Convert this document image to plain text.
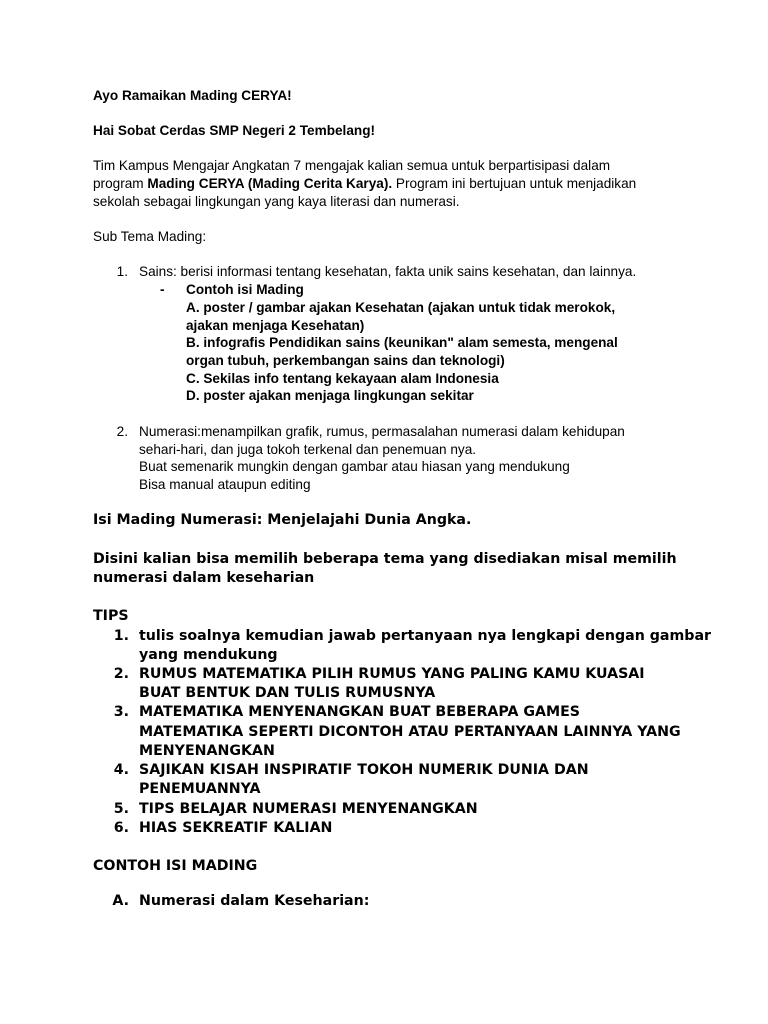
Ayo Ramaikan Mading CERYA!
Hai Sobat Cerdas SMP Negeri 2 Tembelang!
Tim Kampus Mengajar Angkatan 7 mengajak kalian semua untuk berpartisipasi dalam
program Mading CERYA (Mading Cerita Karya). Program ini bertujuan untuk menjadikan
sekolah sebagai lingkungan yang kaya literasi dan numerasi.
Sub Tema Mading:
1. Sains: berisi informasi tentang kesehatan, fakta unik sains kesehatan, dan lainnya.
- Contoh isi Mading
A. poster / gambar ajakan Kesehatan (ajakan untuk tidak merokok,
ajakan menjaga Kesehatan)
B. infografis Pendidikan sains (keunikan" alam semesta, mengenal
organ tubuh, perkembangan sains dan teknologi)
C. Sekilas info tentang kekayaan alam Indonesia
D. poster ajakan menjaga lingkungan sekitar
2. Numerasi:menampilkan grafik, rumus, permasalahan numerasi dalam kehidupan
sehari-hari, dan juga tokoh terkenal dan penemuan nya.
Buat semenarik mungkin dengan gambar atau hiasan yang mendukung
Bisa manual ataupun editing
Isi Mading Numerasi: Menjelajahi Dunia Angka.
Disini kalian bisa memilih beberapa tema yang disediakan misal memilih
numerasi dalam keseharian
TIPS
1. tulis soalnya kemudian jawab pertanyaan nya lengkapi dengan gambar
yang mendukung
2. RUMUS MATEMATIKA PILIH RUMUS YANG PALING KAMU KUASAI
BUAT BENTUK DAN TULIS RUMUSNYA
3. MATEMATIKA MENYENANGKAN BUAT BEBERAPA GAMES
MATEMATIKA SEPERTI DICONTOH ATAU PERTANYAAN LAINNYA YANG
MENYENANGKAN
4. SAJIKAN KISAH INSPIRATIF TOKOH NUMERIK DUNIA DAN
PENEMUANNYA
5. TIPS BELAJAR NUMERASI MENYENANGKAN
6. HIAS SEKREATIF KALIAN
CONTOH ISI MADING
A. Numerasi dalam Keseharian:
